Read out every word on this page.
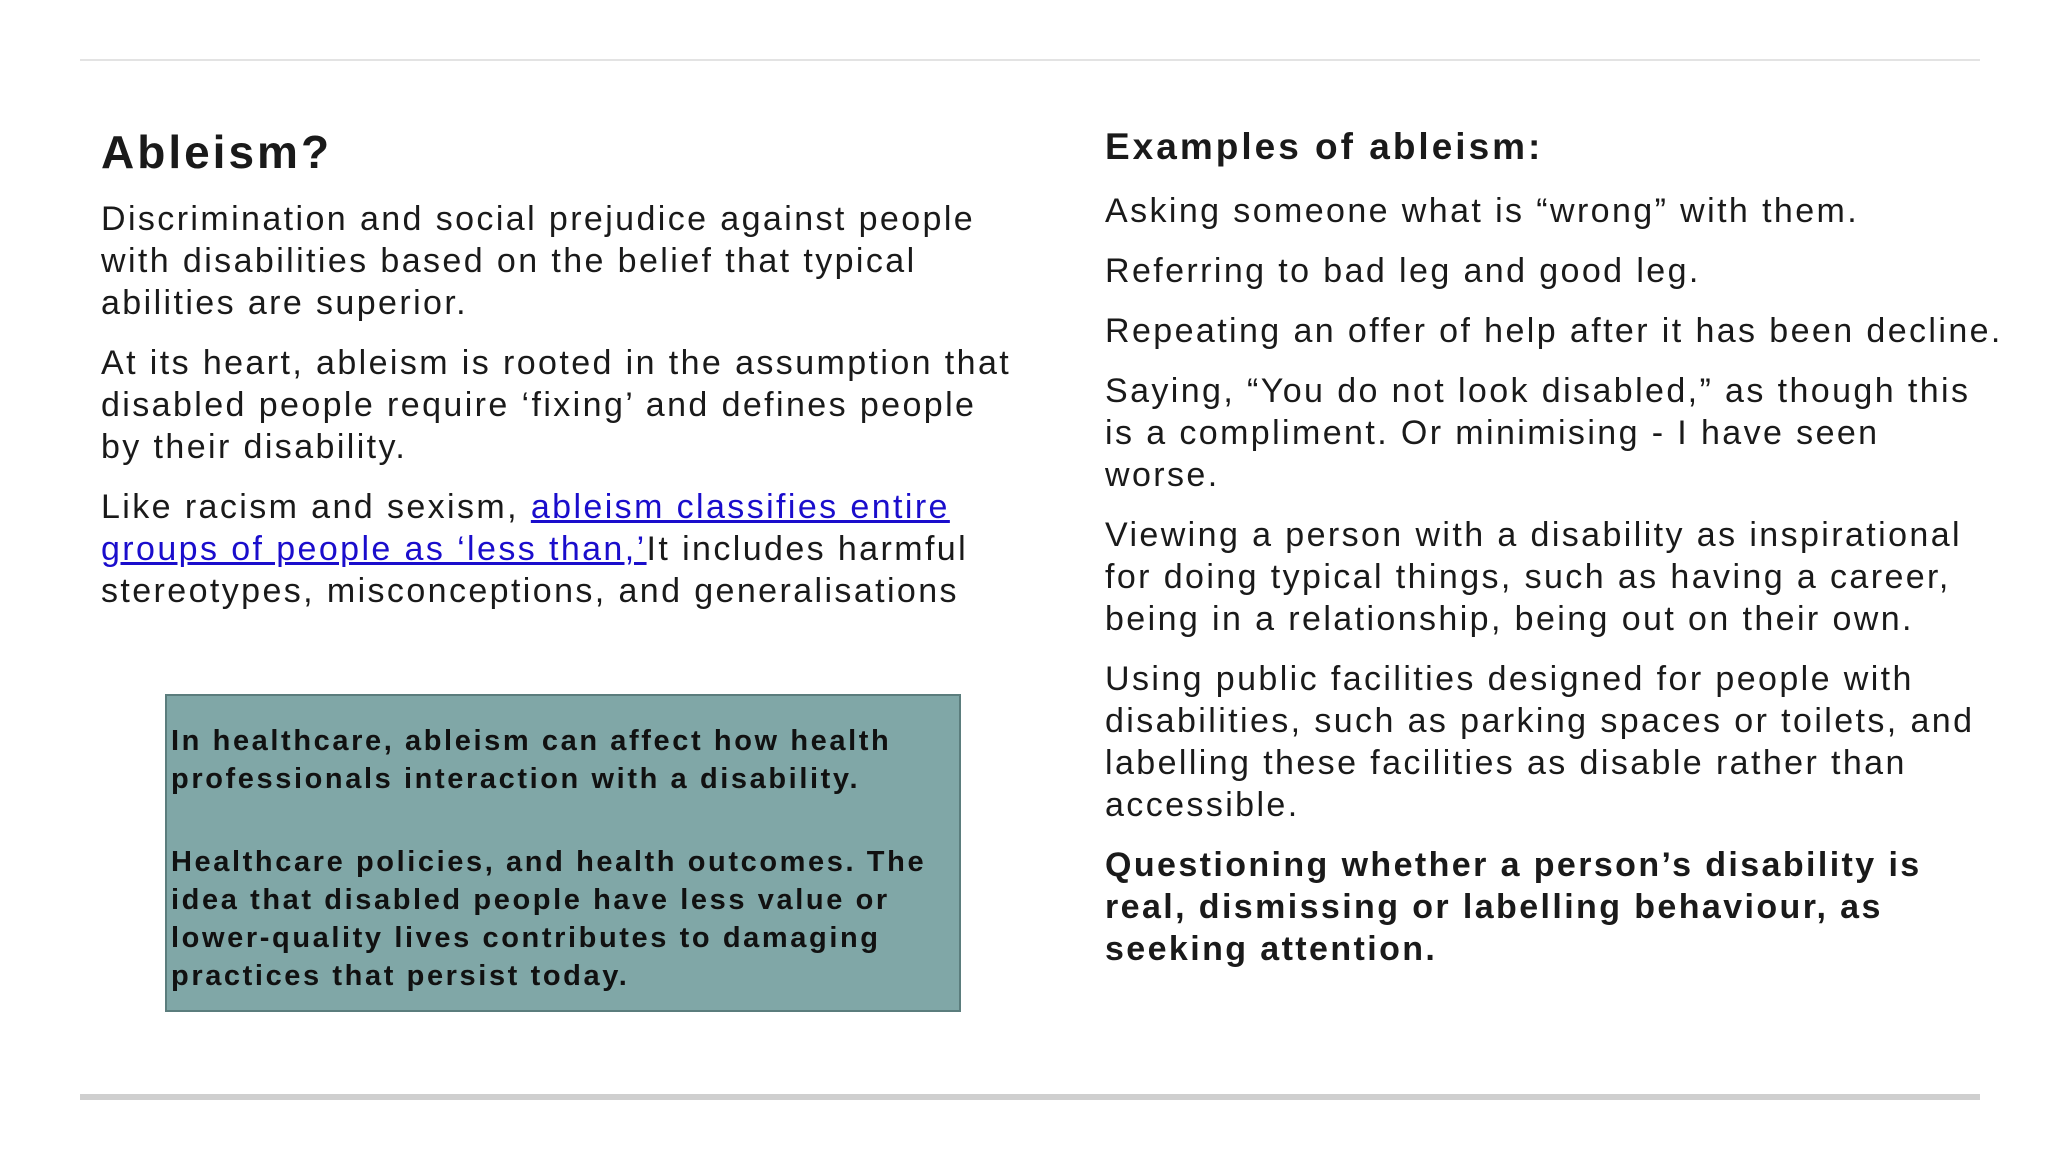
Ableism?

Discrimination and social prejudice against people with disabilities based on the belief that typical abilities are superior.

At its heart, ableism is rooted in the assumption that disabled people require ‘fixing’ and defines people by their disability.

Like racism and sexism, ableism classifies entire groups of people as ‘less than,’It includes harmful stereotypes, misconceptions, and generalisations

In healthcare, ableism can affect how health professionals interaction with a disability.

Healthcare policies, and health outcomes. The idea that disabled people have less value or lower-quality lives contributes to damaging practices that persist today.

Examples of ableism:

Asking someone what is “wrong” with them.

Referring to bad leg and good leg.

Repeating an offer of help after it has been decline.

Saying, “You do not look disabled,” as though this is a compliment. Or minimising - I have seen worse.

Viewing a person with a disability as inspirational for doing typical things, such as having a career, being in a relationship, being out on their own.

Using public facilities designed for people with disabilities, such as parking spaces or toilets, and labelling these facilities as disable rather than accessible.

Questioning whether a person’s disability is real, dismissing or labelling behaviour, as seeking attention.
